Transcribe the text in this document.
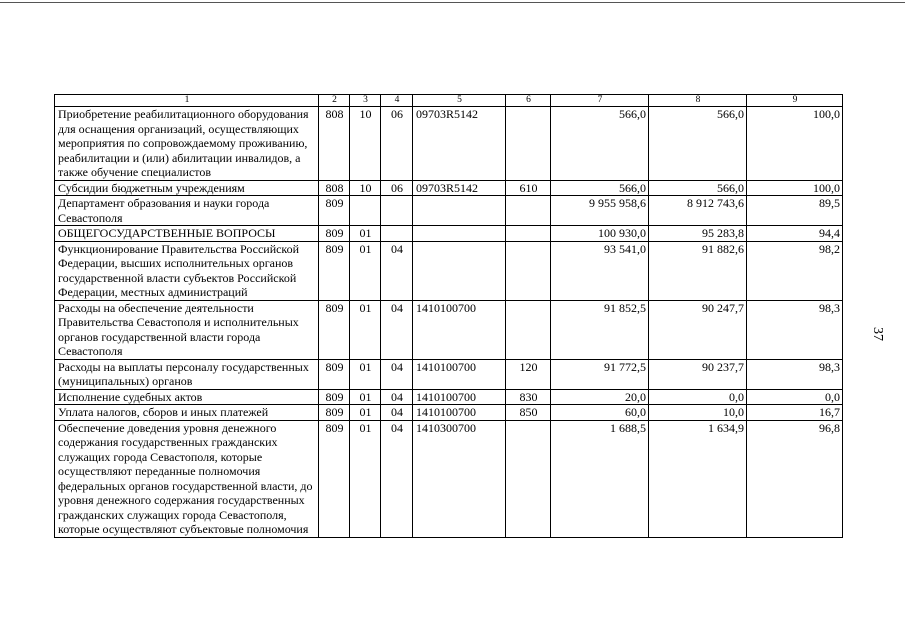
1	2	3	4	5	6	7	8	9
Приобретение реабилитационного оборудования для оснащения организаций, осуществляющих мероприятия по сопровождаемому проживанию, реабилитации и (или) абилитации инвалидов, а также обучение специалистов	808	10	06	09703R5142		566,0	566,0	100,0
Субсидии бюджетным учреждениям	808	10	06	09703R5142	610	566,0	566,0	100,0
Департамент образования и науки города Севастополя	809					9 955 958,6	8 912 743,6	89,5
ОБЩЕГОСУДАРСТВЕННЫЕ ВОПРОСЫ	809	01				100 930,0	95 283,8	94,4
Функционирование Правительства Российской Федерации, высших исполнительных органов государственной власти субъектов Российской Федерации, местных администраций	809	01	04			93 541,0	91 882,6	98,2
Расходы на обеспечение деятельности Правительства Севастополя и исполнительных органов государственной власти города Севастополя	809	01	04	1410100700		91 852,5	90 247,7	98,3
Расходы на выплаты персоналу государственных (муниципальных) органов	809	01	04	1410100700	120	91 772,5	90 237,7	98,3
Исполнение судебных актов	809	01	04	1410100700	830	20,0	0,0	0,0
Уплата налогов, сборов и иных платежей	809	01	04	1410100700	850	60,0	10,0	16,7
Обеспечение доведения уровня денежного содержания государственных гражданских служащих города Севастополя, которые осуществляют переданные полномочия федеральных органов государственной власти, до уровня денежного содержания государственных гражданских служащих города Севастополя, которые осуществляют субъектовые полномочия	809	01	04	1410300700		1 688,5	1 634,9	96,8
37
